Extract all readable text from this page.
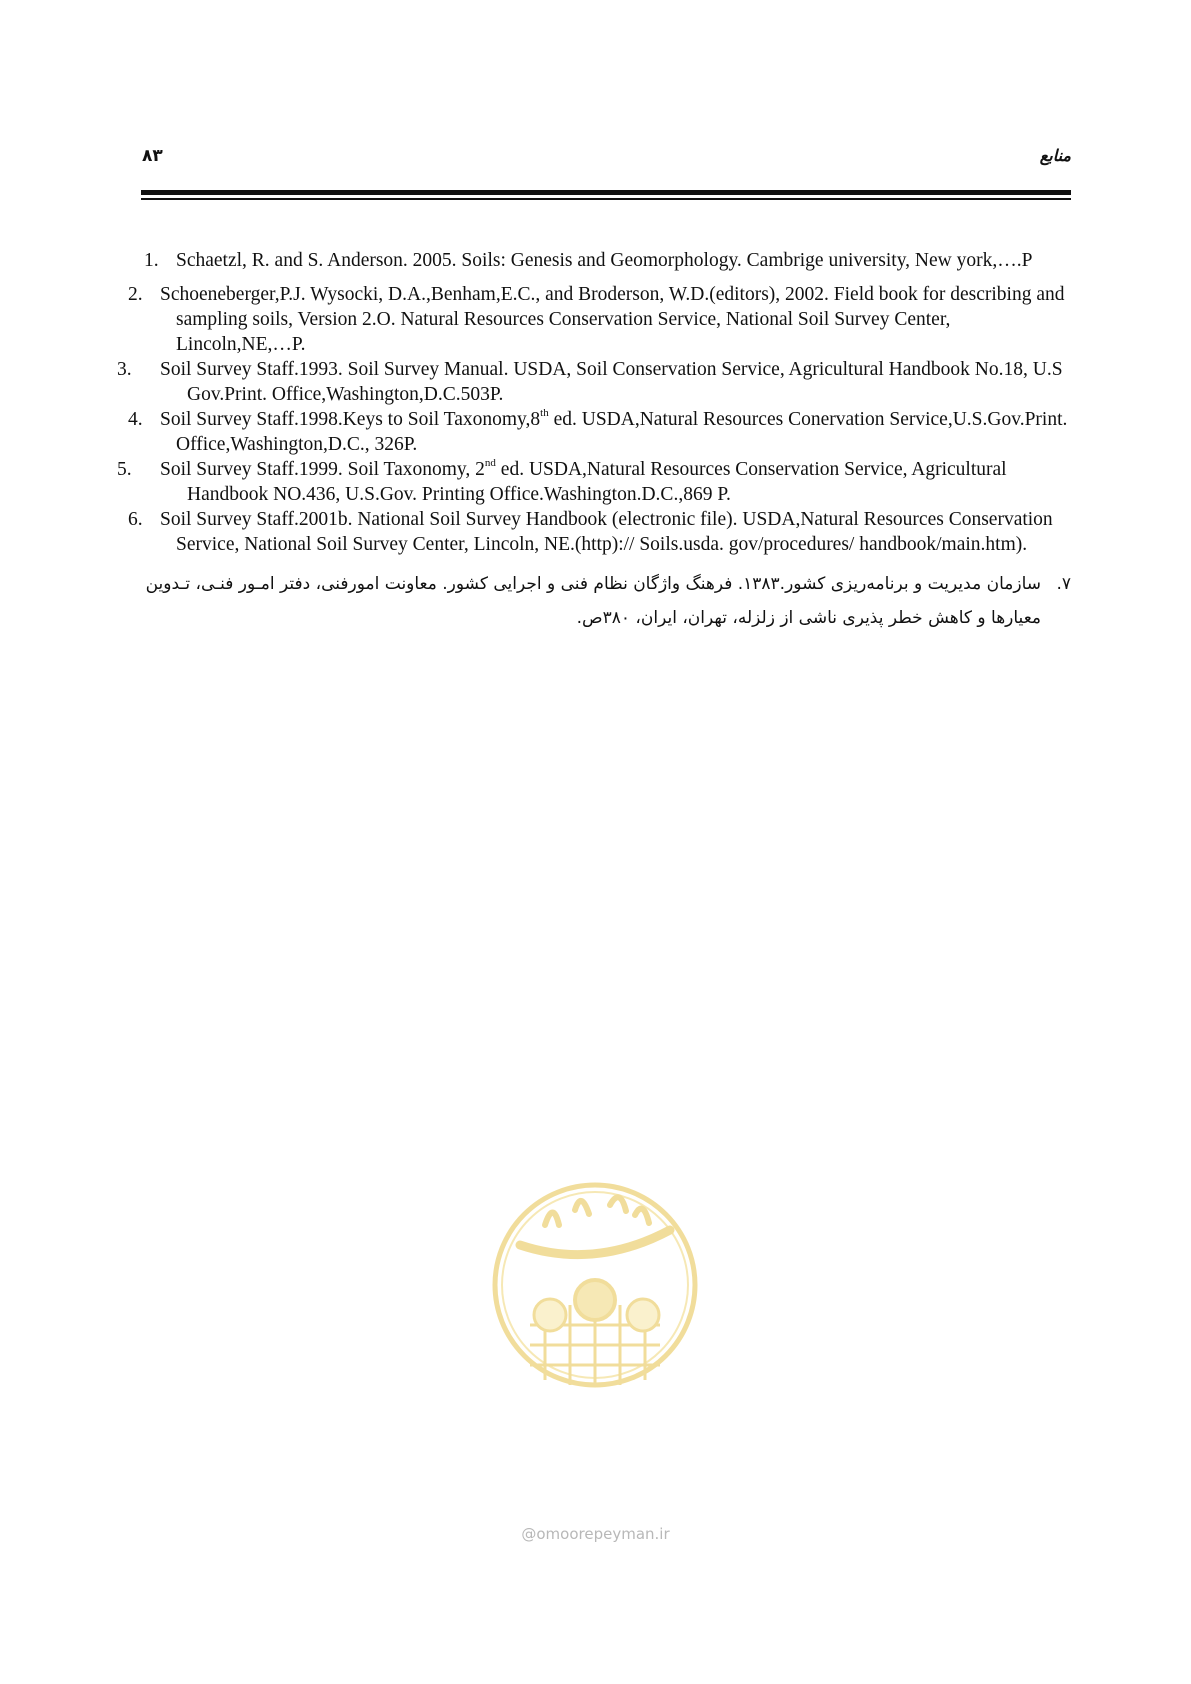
۸۳	منابع

1. Schaetzl, R. and S. Anderson. 2005. Soils: Genesis and Geomorphology. Cambrige university, New york,….P

2. Schoeneberger,P.J. Wysocki, D.A.,Benham,E.C., and Broderson, W.D.(editors), 2002. Field book for describing and sampling soils, Version 2.O. Natural Resources Conservation Service, National Soil Survey Center, Lincoln,NE,…P.

3.	Soil Survey Staff.1993. Soil Survey Manual. USDA, Soil Conservation Service, Agricultural Handbook No.18, U.S Gov.Print. Office,Washington,D.C.503P.

4. Soil Survey Staff.1998.Keys to Soil Taxonomy,8th ed. USDA,Natural Resources Conervation Service,U.S.Gov.Print. Office,Washington,D.C., 326P.

5.	Soil Survey Staff.1999. Soil Taxonomy, 2nd ed. USDA,Natural Resources Conservation Service, Agricultural Handbook NO.436, U.S.Gov. Printing Office.Washington.D.C.,869 P.

6. Soil Survey Staff.2001b. National Soil Survey Handbook (electronic file). USDA,Natural Resources Conservation Service, National Soil Survey Center, Lincoln, NE.(http):// Soils.usda. gov/procedures/ handbook/main.htm).

۷.
سازمان مدیریت و برنامه‌ریزی کشور.۱۳۸۳. فرهنگ واژگان نظام فنی و اجرایی کشور. معاونت امورفنی، دفتر امـور فنـی، تـدوین
معیارها و کاهش خطر پذیری ناشی از زلزله، تهران، ایران، ۳۸۰ص.
@omoorepeyman.ir
